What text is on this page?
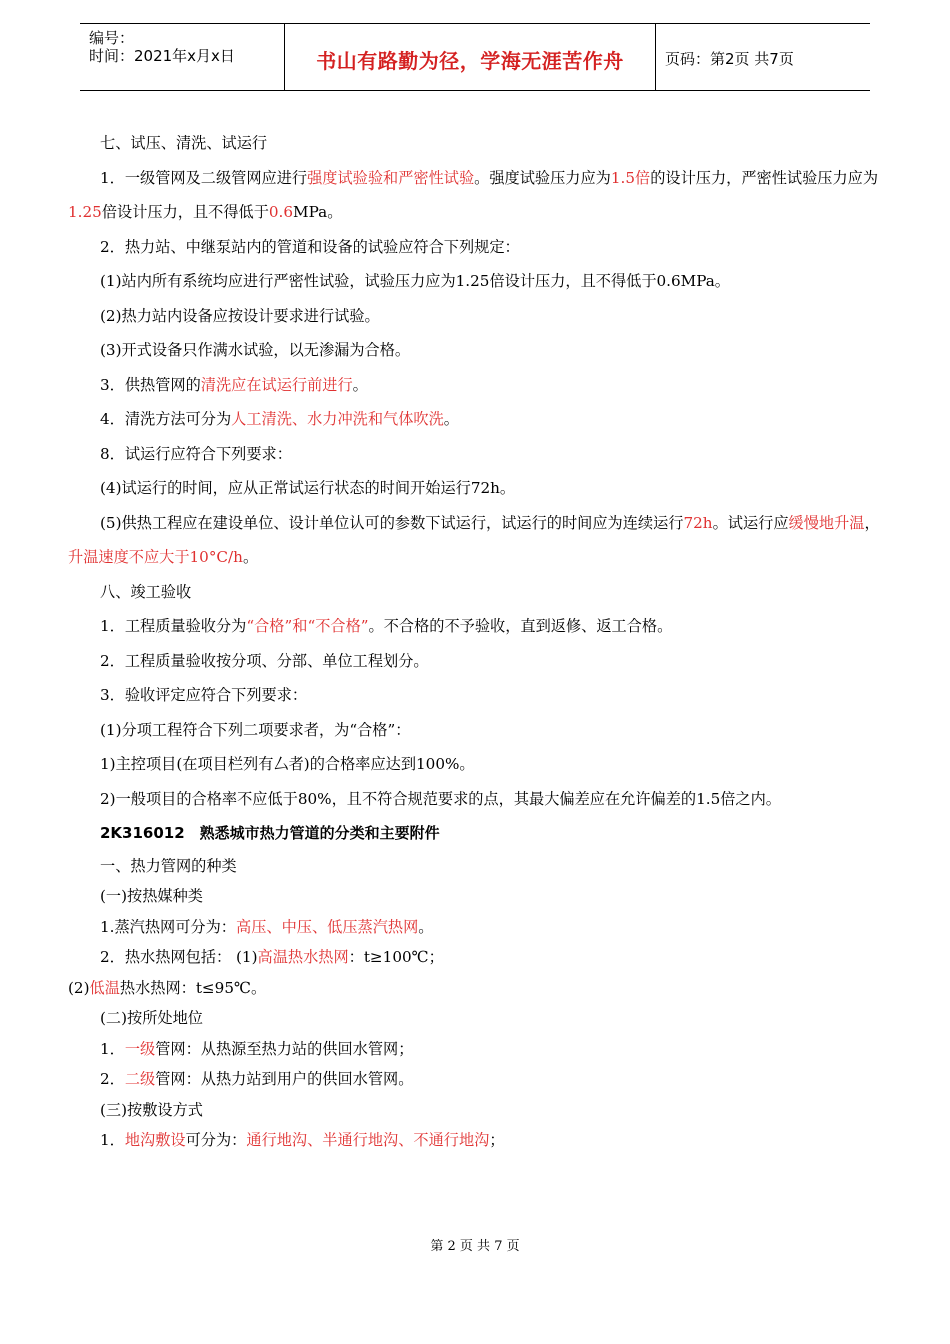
编号：
时间：2021年x月x日	书山有路勤为径，学海无涯苦作舟	页码：第2页 共7页

七、试压、清洗、试运行

1．一级管网及二级管网应进行强度试验验和严密性试验。强度试验压力应为1.5倍的设计压力，严密性试验压力应为1.25倍设计压力，且不得低于0.6MPa。

2．热力站、中继泵站内的管道和设备的试验应符合下列规定：

(1)站内所有系统均应进行严密性试验，试验压力应为1.25倍设计压力，且不得低于0.6MPa。

(2)热力站内设备应按设计要求进行试验。

(3)开式设备只作满水试验，以无渗漏为合格。

3．供热管网的清洗应在试运行前进行。

4．清洗方法可分为人工清洗、水力冲洗和气体吹洗。

8．试运行应符合下列要求：

(4)试运行的时间，应从正常试运行状态的时间开始运行72h。

(5)供热工程应在建设单位、设计单位认可的参数下试运行，试运行的时间应为连续运行72h。试运行应缓慢地升温，升温速度不应大于10°C/h。

八、竣工验收

1．工程质量验收分为“合格”和“不合格”。不合格的不予验收，直到返修、返工合格。

2．工程质量验收按分项、分部、单位工程划分。

3．验收评定应符合下列要求：

(1)分项工程符合下列二项要求者，为“合格”：

1)主控项目(在项目栏列有厶者)的合格率应达到100%。

2)一般项目的合格率不应低于80%，且不符合规范要求的点，其最大偏差应在允许偏差的1.5倍之内。

2K316012　熟悉城市热力管道的分类和主要附件

一、热力管网的种类

(一)按热媒种类

1.蒸汽热网可分为：高压、中压、低压蒸汽热网。

2．热水热网包括： (1)高温热水热网：t≥100℃；

(2)低温热水热网：t≤95℃。

(二)按所处地位

1．一级管网：从热源至热力站的供回水管网；

2．二级管网：从热力站到用户的供回水管网。

(三)按敷设方式

1．地沟敷设可分为：通行地沟、半通行地沟、不通行地沟；

第 2 页 共 7 页
